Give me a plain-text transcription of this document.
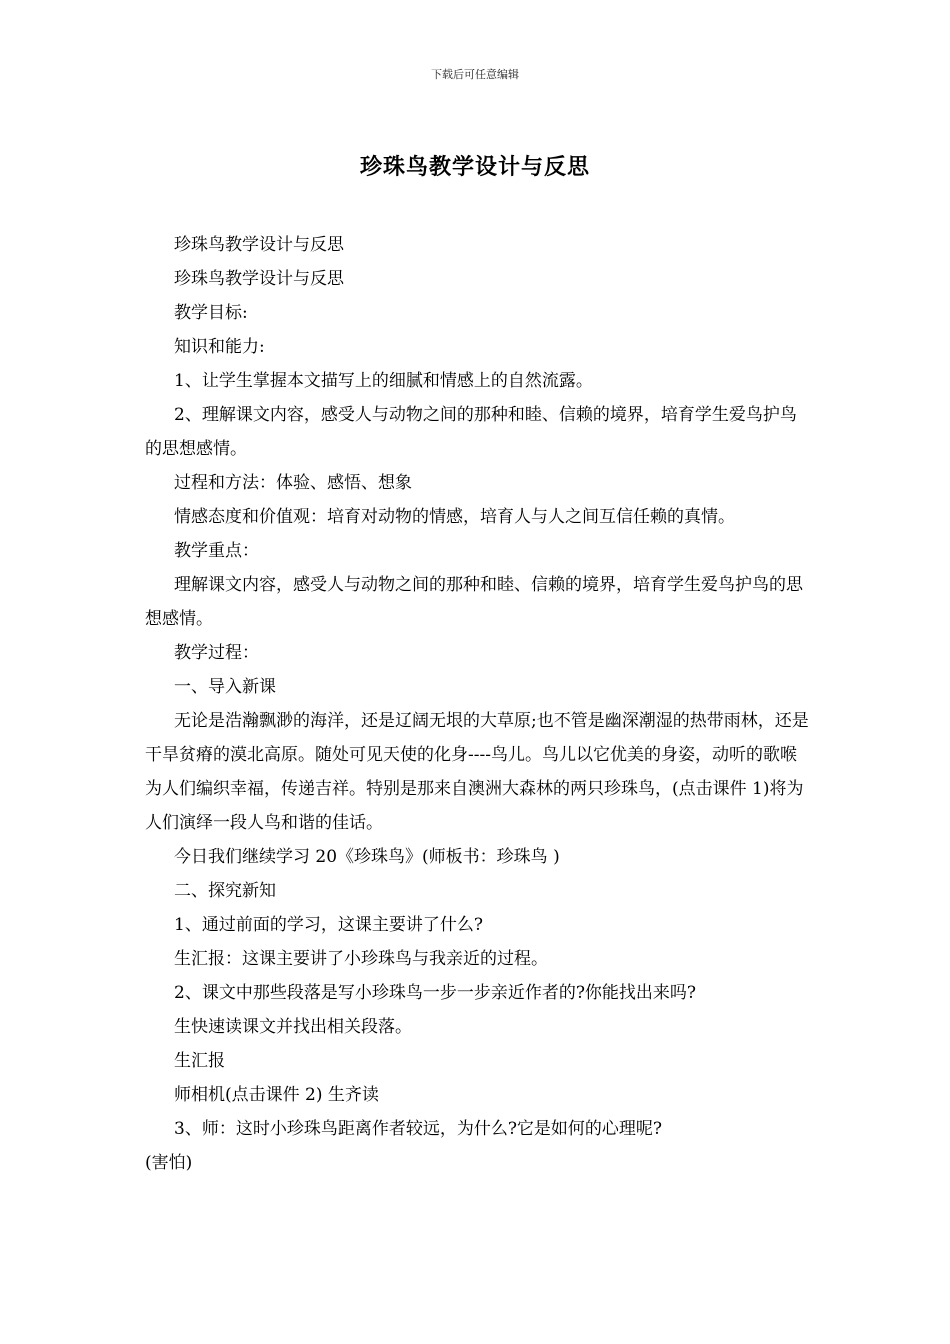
下载后可任意编辑
珍珠鸟教学设计与反思

珍珠鸟教学设计与反思

珍珠鸟教学设计与反思

教学目标:

知识和能力:

1、让学生掌握本文描写上的细腻和情感上的自然流露。

2、理解课文内容，感受人与动物之间的那种和睦、信赖的境界，培育学生爱鸟护鸟的思想感情。

过程和方法：体验、感悟、想象

情感态度和价值观：培育对动物的情感，培育人与人之间互信任赖的真情。

教学重点：

理解课文内容，感受人与动物之间的那种和睦、信赖的境界，培育学生爱鸟护鸟的思想感情。

教学过程：

一、导入新课

无论是浩瀚飘渺的海洋，还是辽阔无垠的大草原;也不管是幽深潮湿的热带雨林，还是干旱贫瘠的漠北高原。随处可见天使的化身----鸟儿。鸟儿以它优美的身姿，动听的歌喉为人们编织幸福，传递吉祥。特别是那来自澳洲大森林的两只珍珠鸟，(点击课件 1)将为人们演绎一段人鸟和谐的佳话。

今日我们继续学习 20《珍珠鸟》(师板书：珍珠鸟 )

二、探究新知

1、通过前面的学习，这课主要讲了什么?

生汇报：这课主要讲了小珍珠鸟与我亲近的过程。

2、课文中那些段落是写小珍珠鸟一步一步亲近作者的?你能找出来吗?

生快速读课文并找出相关段落。

生汇报

师相机(点击课件 2) 生齐读

3、师：这时小珍珠鸟距离作者较远，为什么?它是如何的心理呢?

(害怕)
